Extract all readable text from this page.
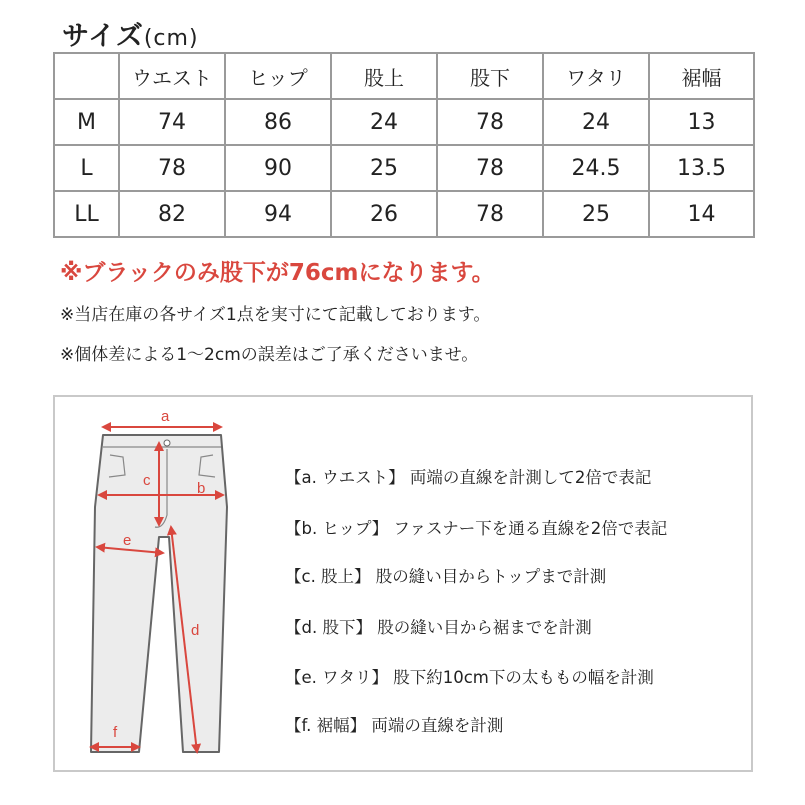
サイズ(cm)
	ウエスト	ヒップ	股上	股下	ワタリ	裾幅
M	74	86	24	78	24	13
L	78	90	25	78	24.5	13.5
LL	82	94	26	78	25	14
※ブラックのみ股下が76cmになります。
※当店在庫の各サイズ1点を実寸にて記載しております。
※個体差による1〜2cmの誤差はご了承くださいませ。
a
c	b
e
d
f
【a. ウエスト】 両端の直線を計測して2倍で表記
【b. ヒップ】 ファスナー下を通る直線を2倍で表記
【c. 股上】 股の縫い目からトップまで計測
【d. 股下】 股の縫い目から裾までを計測
【e. ワタリ】 股下約10cm下の太ももの幅を計測
【f. 裾幅】 両端の直線を計測
